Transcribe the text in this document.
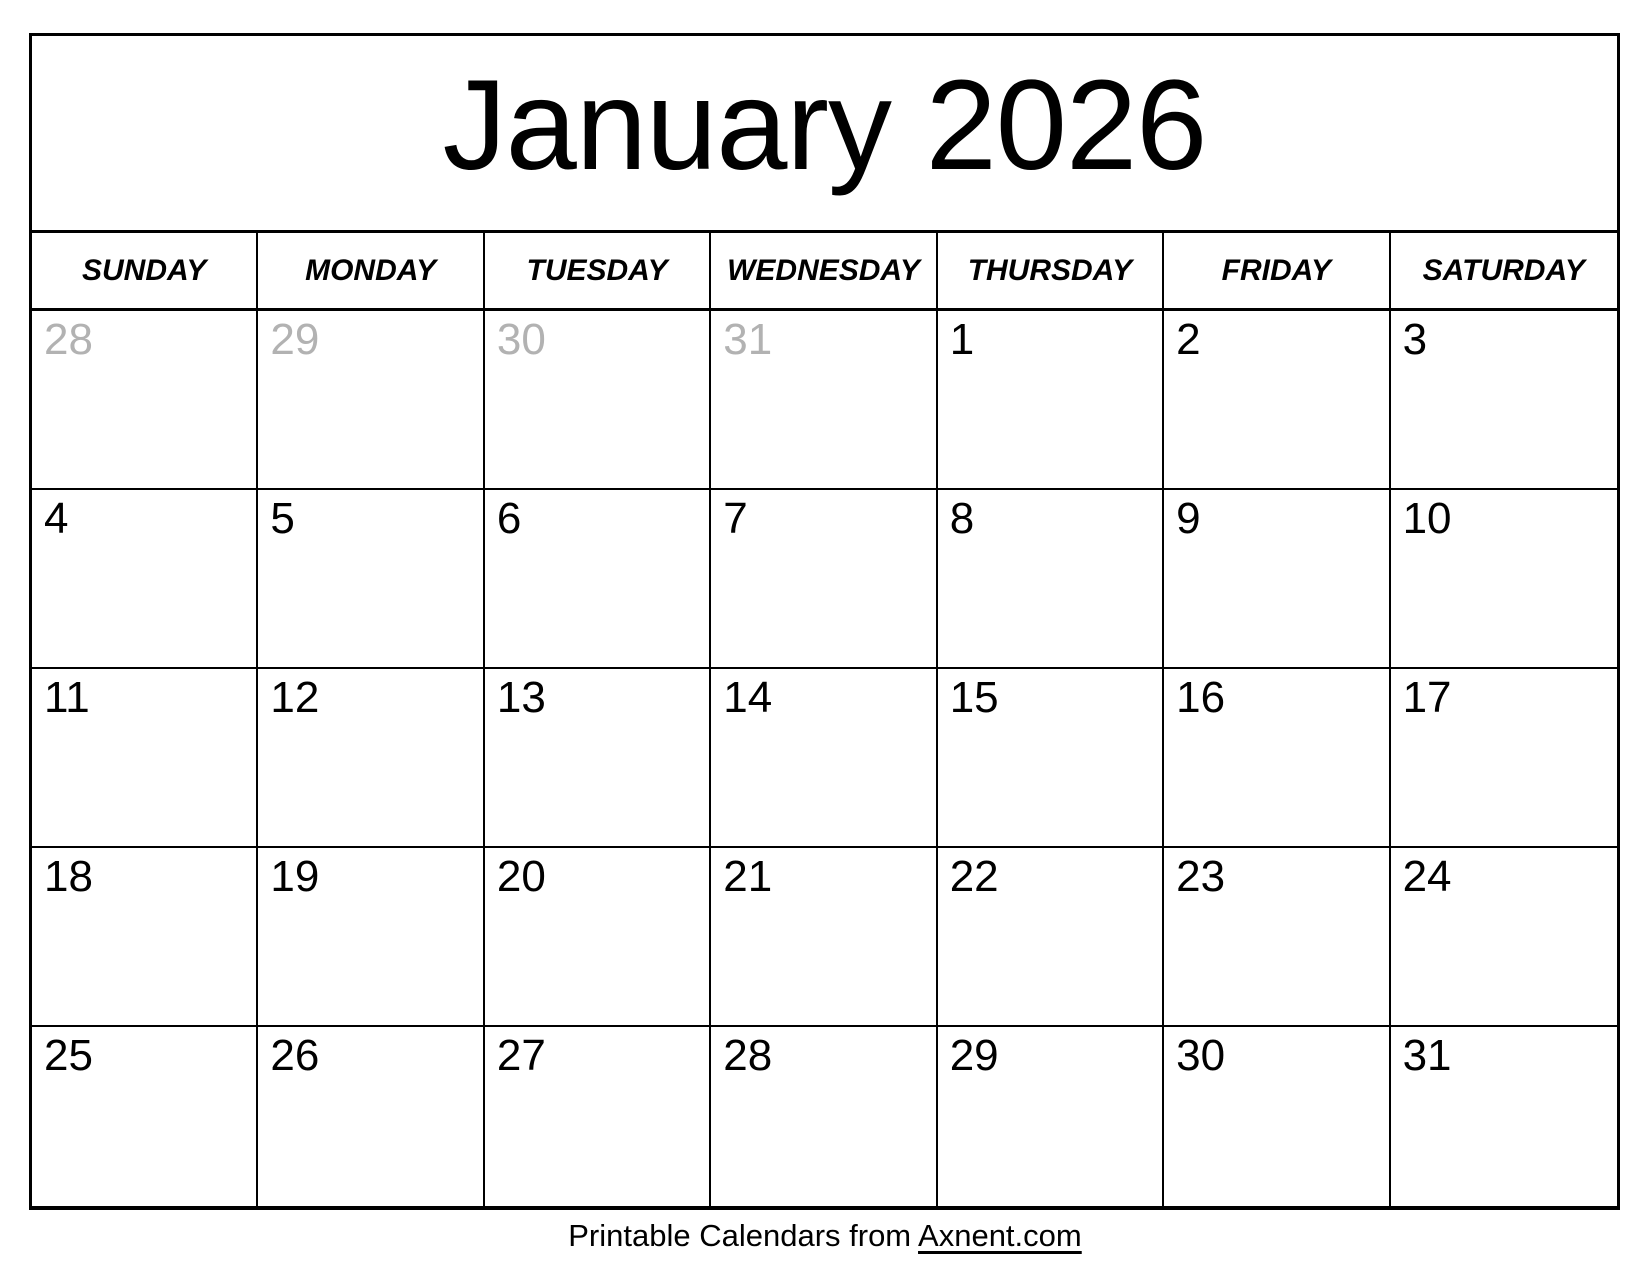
January 2026
SUNDAY	MONDAY	TUESDAY	WEDNESDAY	THURSDAY	FRIDAY	SATURDAY
28	29	30	31	1	2	3
4	5	6	7	8	9	10
11	12	13	14	15	16	17
18	19	20	21	22	23	24
25	26	27	28	29	30	31
Printable Calendars from Axnent.com
